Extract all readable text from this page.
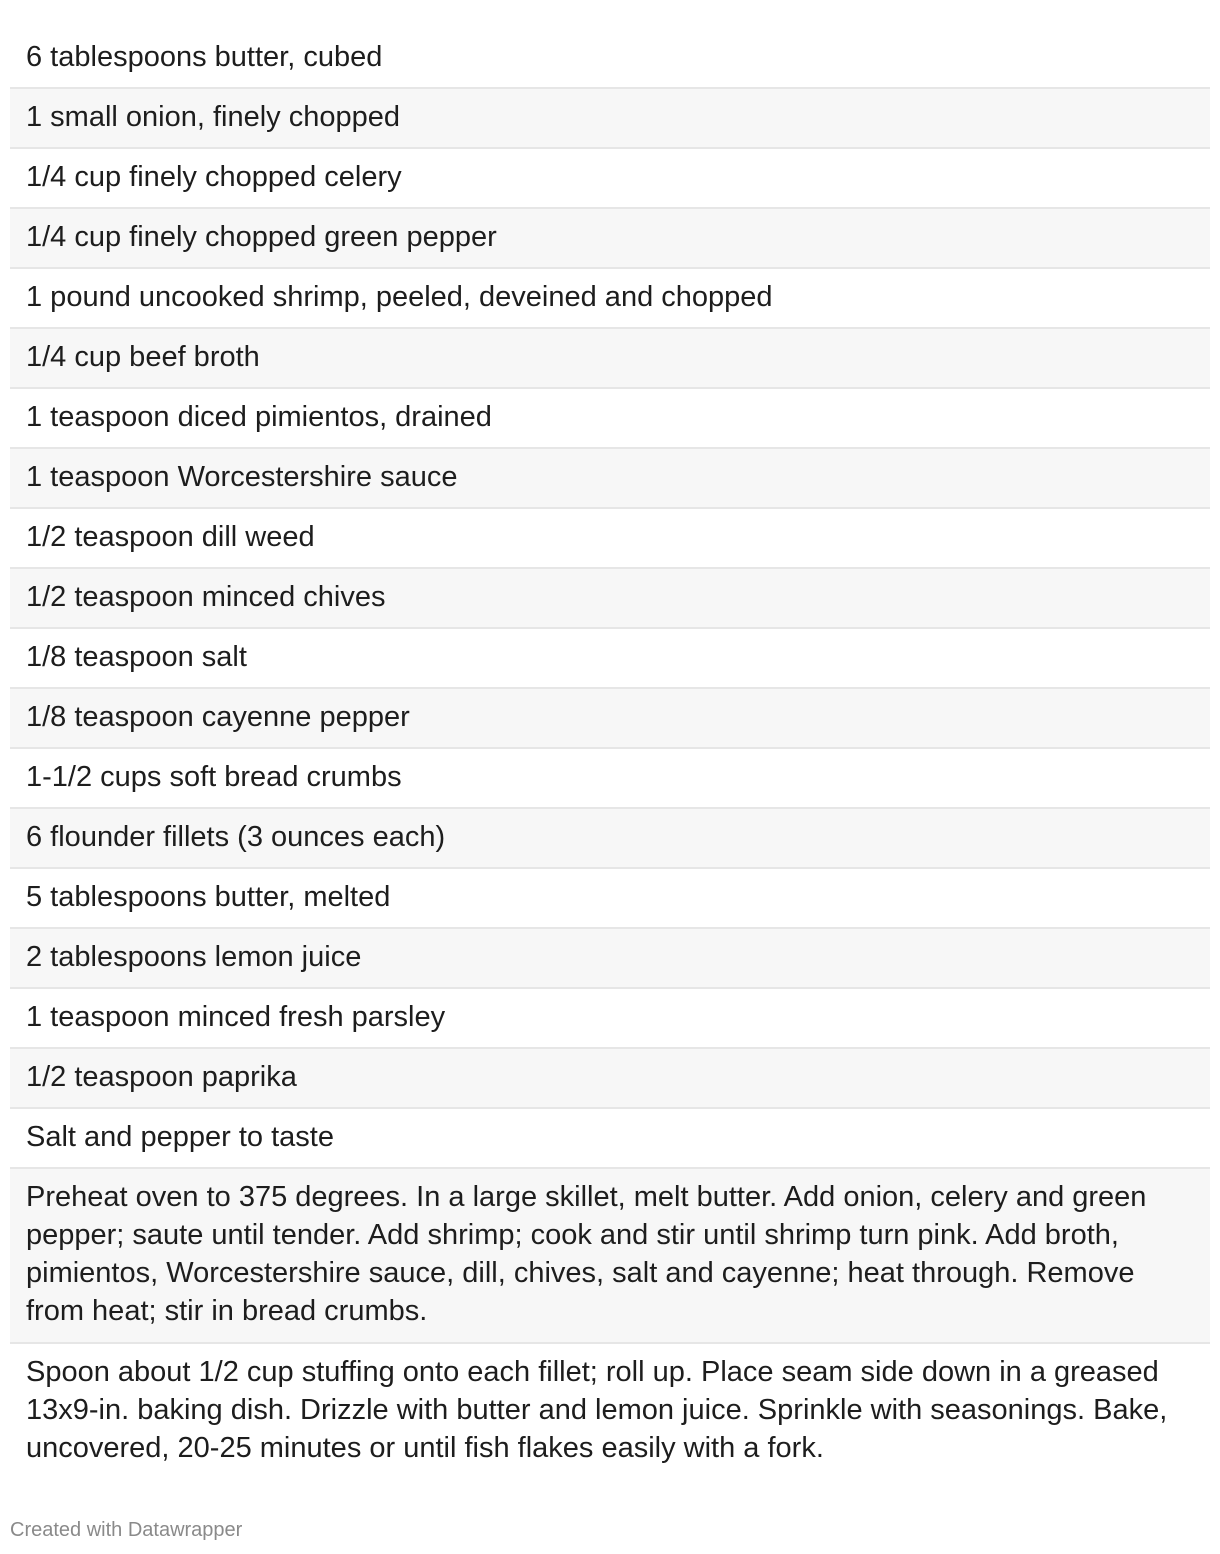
6 tablespoons butter, cubed
1 small onion, finely chopped
1/4 cup finely chopped celery
1/4 cup finely chopped green pepper
1 pound uncooked shrimp, peeled, deveined and chopped
1/4 cup beef broth
1 teaspoon diced pimientos, drained
1 teaspoon Worcestershire sauce
1/2 teaspoon dill weed
1/2 teaspoon minced chives
1/8 teaspoon salt
1/8 teaspoon cayenne pepper
1-1/2 cups soft bread crumbs
6 flounder fillets (3 ounces each)
5 tablespoons butter, melted
2 tablespoons lemon juice
1 teaspoon minced fresh parsley
1/2 teaspoon paprika
Salt and pepper to taste
Preheat oven to 375 degrees. In a large skillet, melt butter. Add onion, celery and green pepper; saute until tender. Add shrimp; cook and stir until shrimp turn pink. Add broth, pimientos, Worcestershire sauce, dill, chives, salt and cayenne; heat through. Remove from heat; stir in bread crumbs.
Spoon about 1/2 cup stuffing onto each fillet; roll up. Place seam side down in a greased 13x9-in. baking dish. Drizzle with butter and lemon juice. Sprinkle with seasonings. Bake, uncovered, 20-25 minutes or until fish flakes easily with a fork.
Created with Datawrapper
